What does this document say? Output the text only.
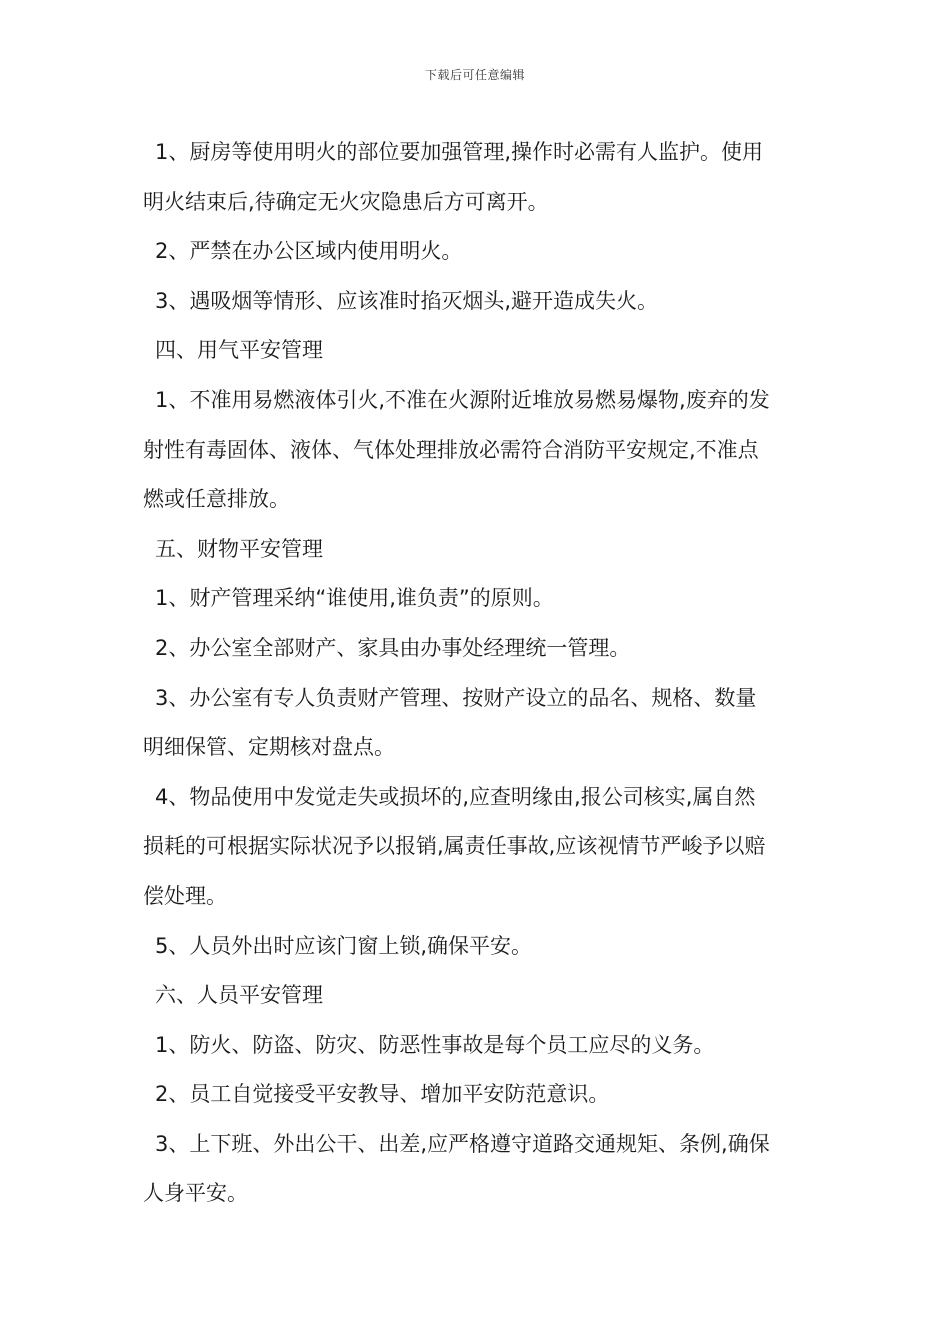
下载后可任意编辑
1、厨房等使用明火的部位要加强管理,操作时必需有人监护。使用
明火结束后,待确定无火灾隐患后方可离开。
2、严禁在办公区域内使用明火。
3、遇吸烟等情形、应该准时掐灭烟头,避开造成失火。
四、用气平安管理
1、不准用易燃液体引火,不准在火源附近堆放易燃易爆物,废弃的发
射性有毒固体、液体、气体处理排放必需符合消防平安规定,不准点
燃或任意排放。
五、财物平安管理
1、财产管理采纳“谁使用,谁负责”的原则。
2、办公室全部财产、家具由办事处经理统一管理。
3、办公室有专人负责财产管理、按财产设立的品名、规格、数量
明细保管、定期核对盘点。
4、物品使用中发觉走失或损坏的,应查明缘由,报公司核实,属自然
损耗的可根据实际状况予以报销,属责任事故,应该视情节严峻予以赔
偿处理。
5、人员外出时应该门窗上锁,确保平安。
六、人员平安管理
1、防火、防盗、防灾、防恶性事故是每个员工应尽的义务。
2、员工自觉接受平安教导、增加平安防范意识。
3、上下班、外出公干、出差,应严格遵守道路交通规矩、条例,确保
人身平安。
